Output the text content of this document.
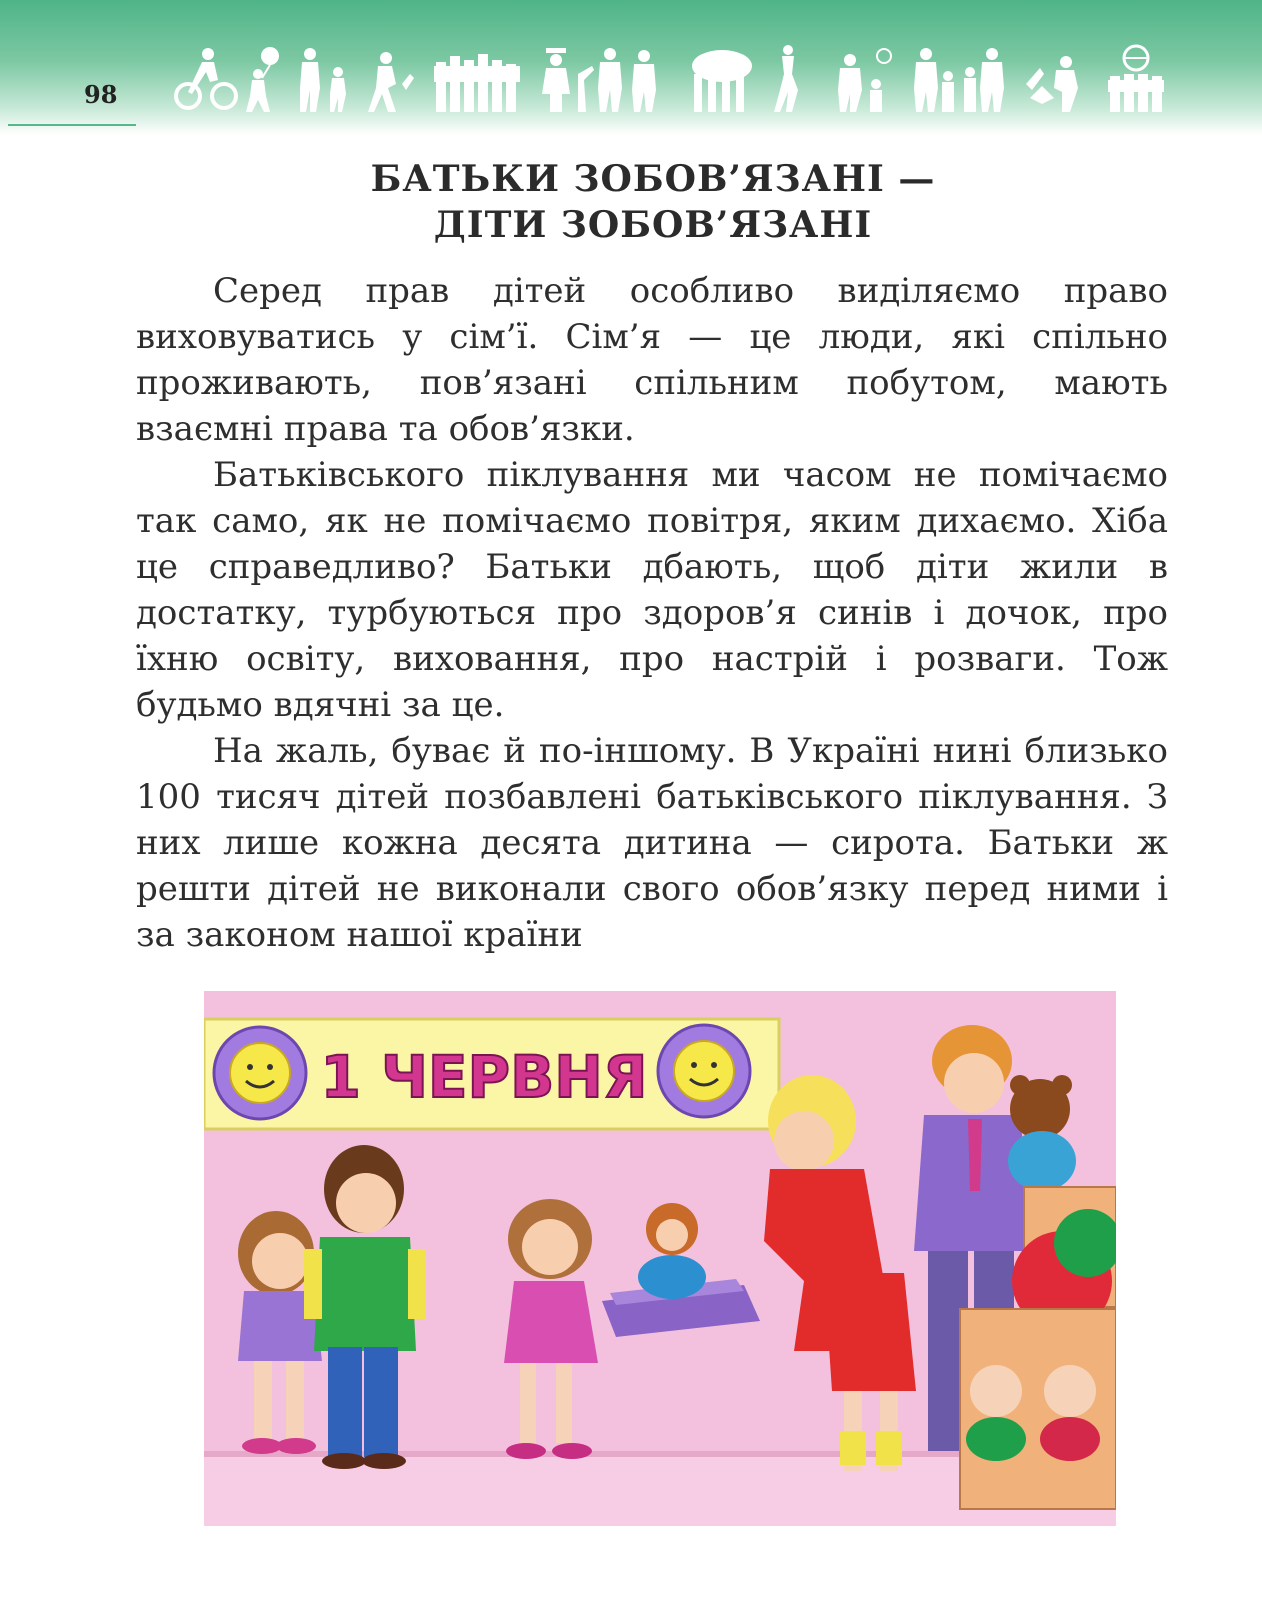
98
БАТЬКИ ЗОБОВ’ЯЗАНІ —
ДІТИ ЗОБОВ’ЯЗАНІ

Серед прав дітей особливо виділяємо право виховуватись у сім’ї. Сім’я — це люди, які спільно проживають, пов’язані спільним побутом, мають взаємні права та обов’язки.

Батьківського піклування ми часом не помічаємо так само, як не помічаємо повітря, яким дихаємо. Хіба це справедливо? Батьки дбають, щоб діти жили в достатку, турбуються про здоров’я синів і дочок, про їхню освіту, виховання, про настрій і розваги. Тож будьмо вдячні за це.

На жаль, буває й по-іншому. В Україні нині близько 100 тисяч дітей позбавлені батьківського піклування. З них лише кожна десята дитина — сирота. Батьки ж решти дітей не виконали свого обов’язку перед ними і за законом нашої країни

1 ЧЕРВНЯ
